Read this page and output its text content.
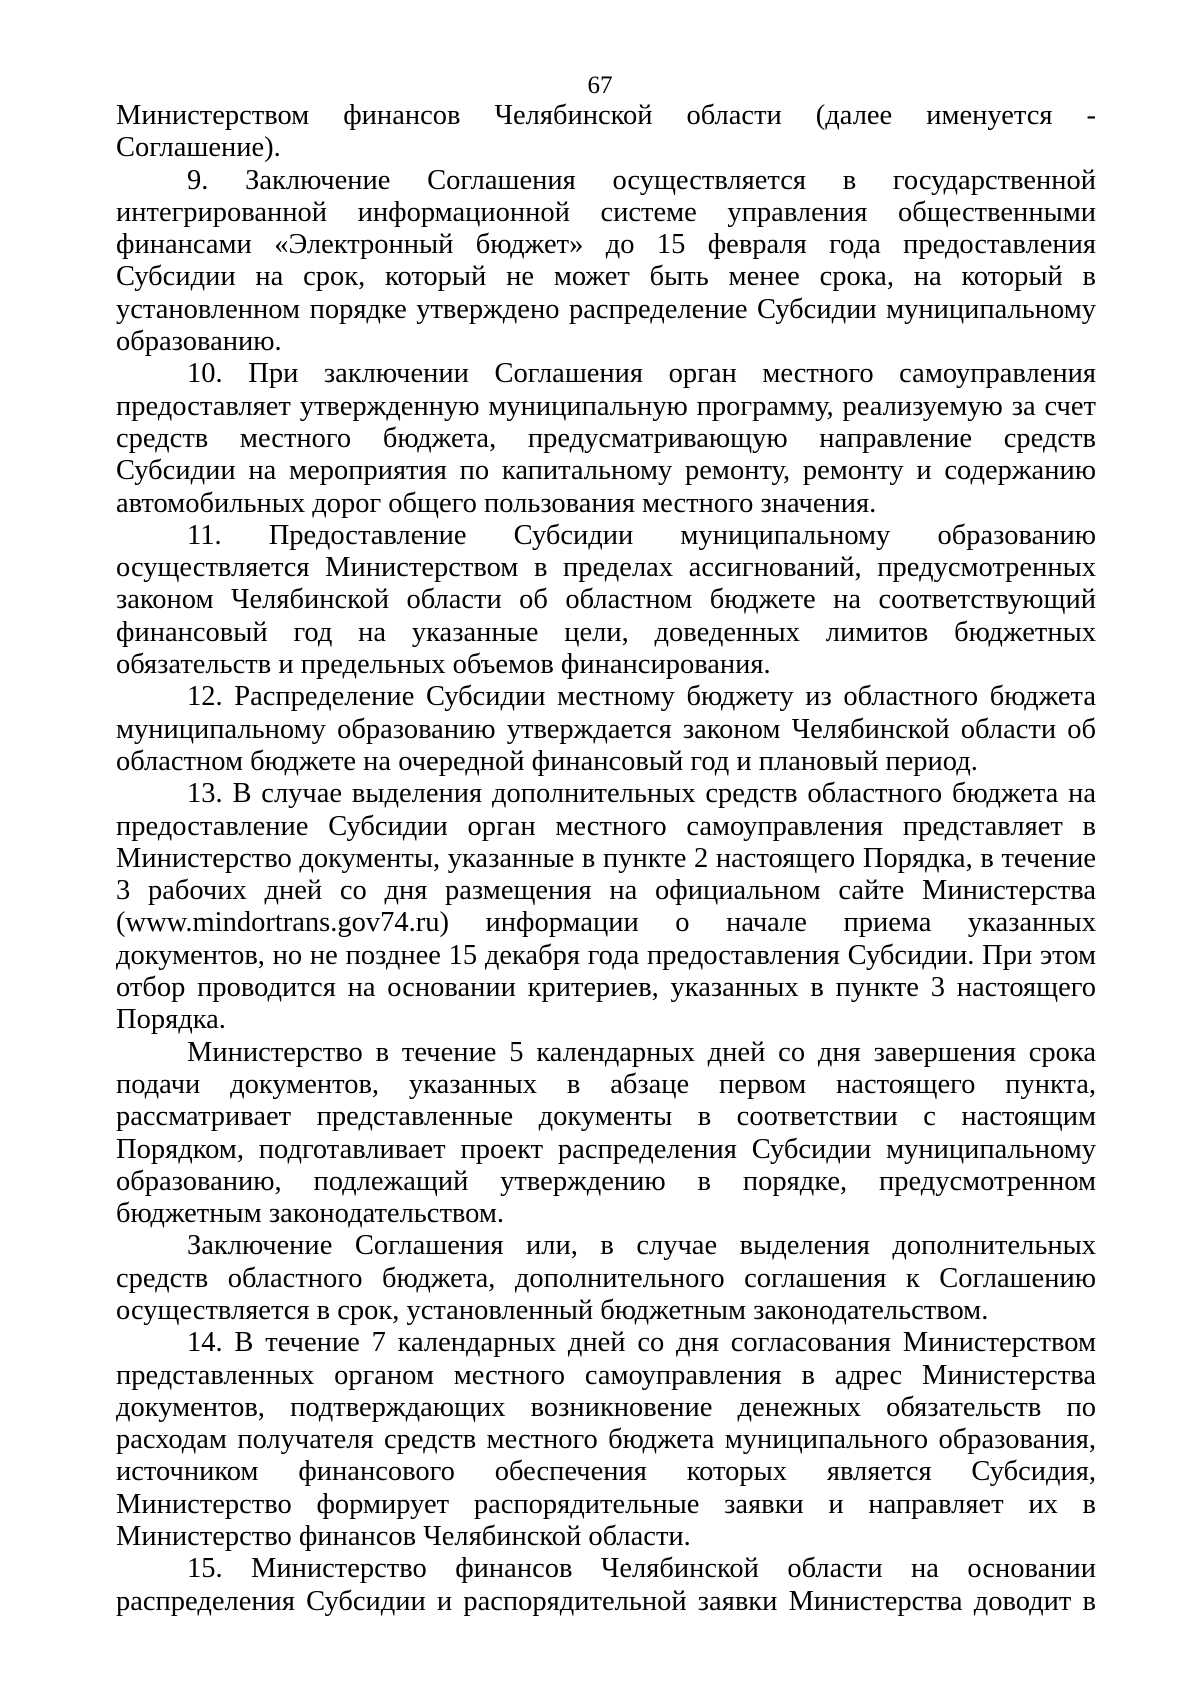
67

Министерством финансов Челябинской области (далее именуется - Соглашение).

9. Заключение Соглашения осуществляется в государственной интегрированной информационной системе управления общественными финансами «Электронный бюджет» до 15 февраля года предоставления Субсидии на срок, который не может быть менее срока, на который в установленном порядке утверждено распределение Субсидии муниципальному образованию.

10. При заключении Соглашения орган местного самоуправления предоставляет утвержденную муниципальную программу, реализуемую за счет средств местного бюджета, предусматривающую направление средств Субсидии на мероприятия по капитальному ремонту, ремонту и содержанию автомобильных дорог общего пользования местного значения.

11. Предоставление Субсидии муниципальному образованию осуществляется Министерством в пределах ассигнований, предусмотренных законом Челябинской области об областном бюджете на соответствующий финансовый год на указанные цели, доведенных лимитов бюджетных обязательств и предельных объемов финансирования.

12. Распределение Субсидии местному бюджету из областного бюджета муниципальному образованию утверждается законом Челябинской области об областном бюджете на очередной финансовый год и плановый период.

13. В случае выделения дополнительных средств областного бюджета на предоставление Субсидии орган местного самоуправления представляет в Министерство документы, указанные в пункте 2 настоящего Порядка, в течение 3 рабочих дней со дня размещения на официальном сайте Министерства (www.mindortrans.gov74.ru) информации о начале приема указанных документов, но не позднее 15 декабря года предоставления Субсидии. При этом отбор проводится на основании критериев, указанных в пункте 3 настоящего Порядка.

Министерство в течение 5 календарных дней со дня завершения срока подачи документов, указанных в абзаце первом настоящего пункта, рассматривает представленные документы в соответствии с настоящим Порядком, подготавливает проект распределения Субсидии муниципальному образованию, подлежащий утверждению в порядке, предусмотренном бюджетным законодательством.

Заключение Соглашения или, в случае выделения дополнительных средств областного бюджета, дополнительного соглашения к Соглашению осуществляется в срок, установленный бюджетным законодательством.

14. В течение 7 календарных дней со дня согласования Министерством представленных органом местного самоуправления в адрес Министерства документов, подтверждающих возникновение денежных обязательств по расходам получателя средств местного бюджета муниципального образования, источником финансового обеспечения которых является Субсидия, Министерство формирует распорядительные заявки и направляет их в Министерство финансов Челябинской области.

15. Министерство финансов Челябинской области на основании распределения Субсидии и распорядительной заявки Министерства доводит в
